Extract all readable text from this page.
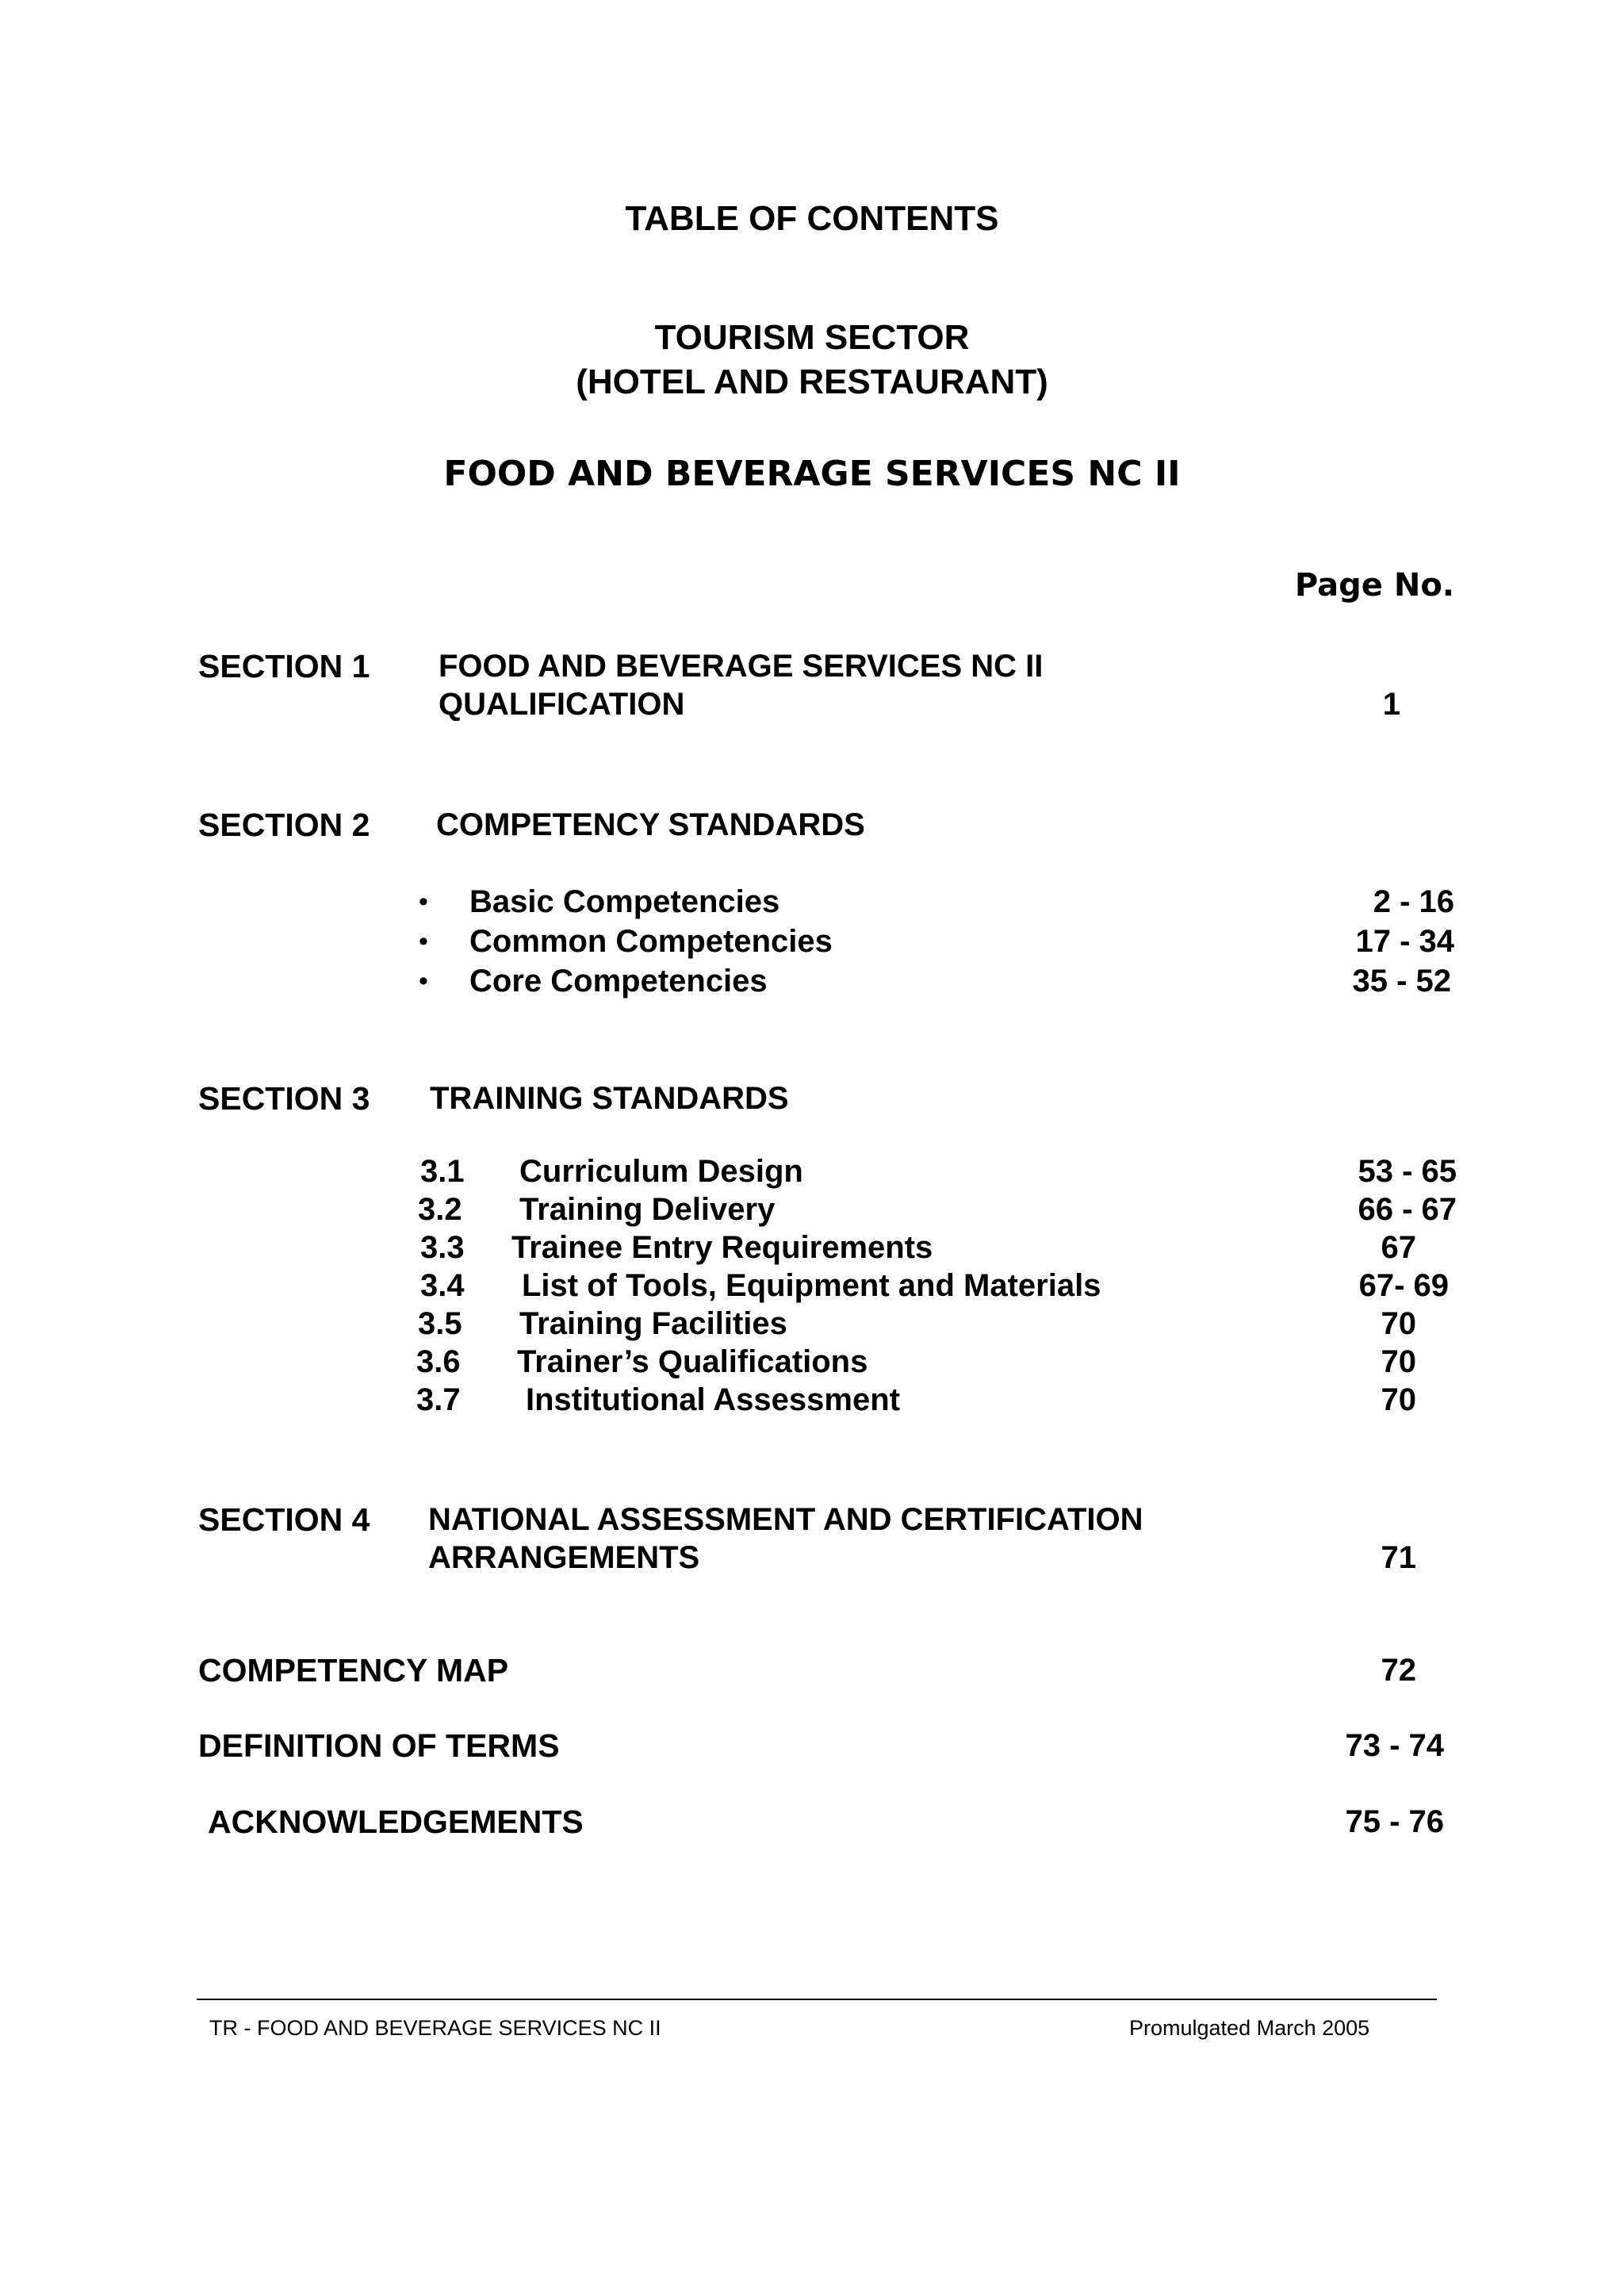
TABLE OF CONTENTS
TOURISM SECTOR
(HOTEL AND RESTAURANT)
FOOD AND BEVERAGE SERVICES NC II
Page No.
SECTION 1 FOOD AND BEVERAGE SERVICES NC II
QUALIFICATION	1
SECTION 2 COMPETENCY STANDARDS
• Basic Competencies	2 - 16
• Common Competencies	17 - 34
• Core Competencies	35 - 52
SECTION 3 TRAINING STANDARDS
3.1 Curriculum Design	53 - 65
3.2 Training Delivery	66 - 67
3.3 Trainee Entry Requirements	67
3.4 List of Tools, Equipment and Materials	67- 69
3.5 Training Facilities	70
3.6 Trainer’s Qualifications	70
3.7 Institutional Assessment	70
SECTION 4 NATIONAL ASSESSMENT AND CERTIFICATION
ARRANGEMENTS	71
COMPETENCY MAP	72
DEFINITION OF TERMS	73 - 74
ACKNOWLEDGEMENTS	75 - 76
TR - FOOD AND BEVERAGE SERVICES NC II	Promulgated March 2005
